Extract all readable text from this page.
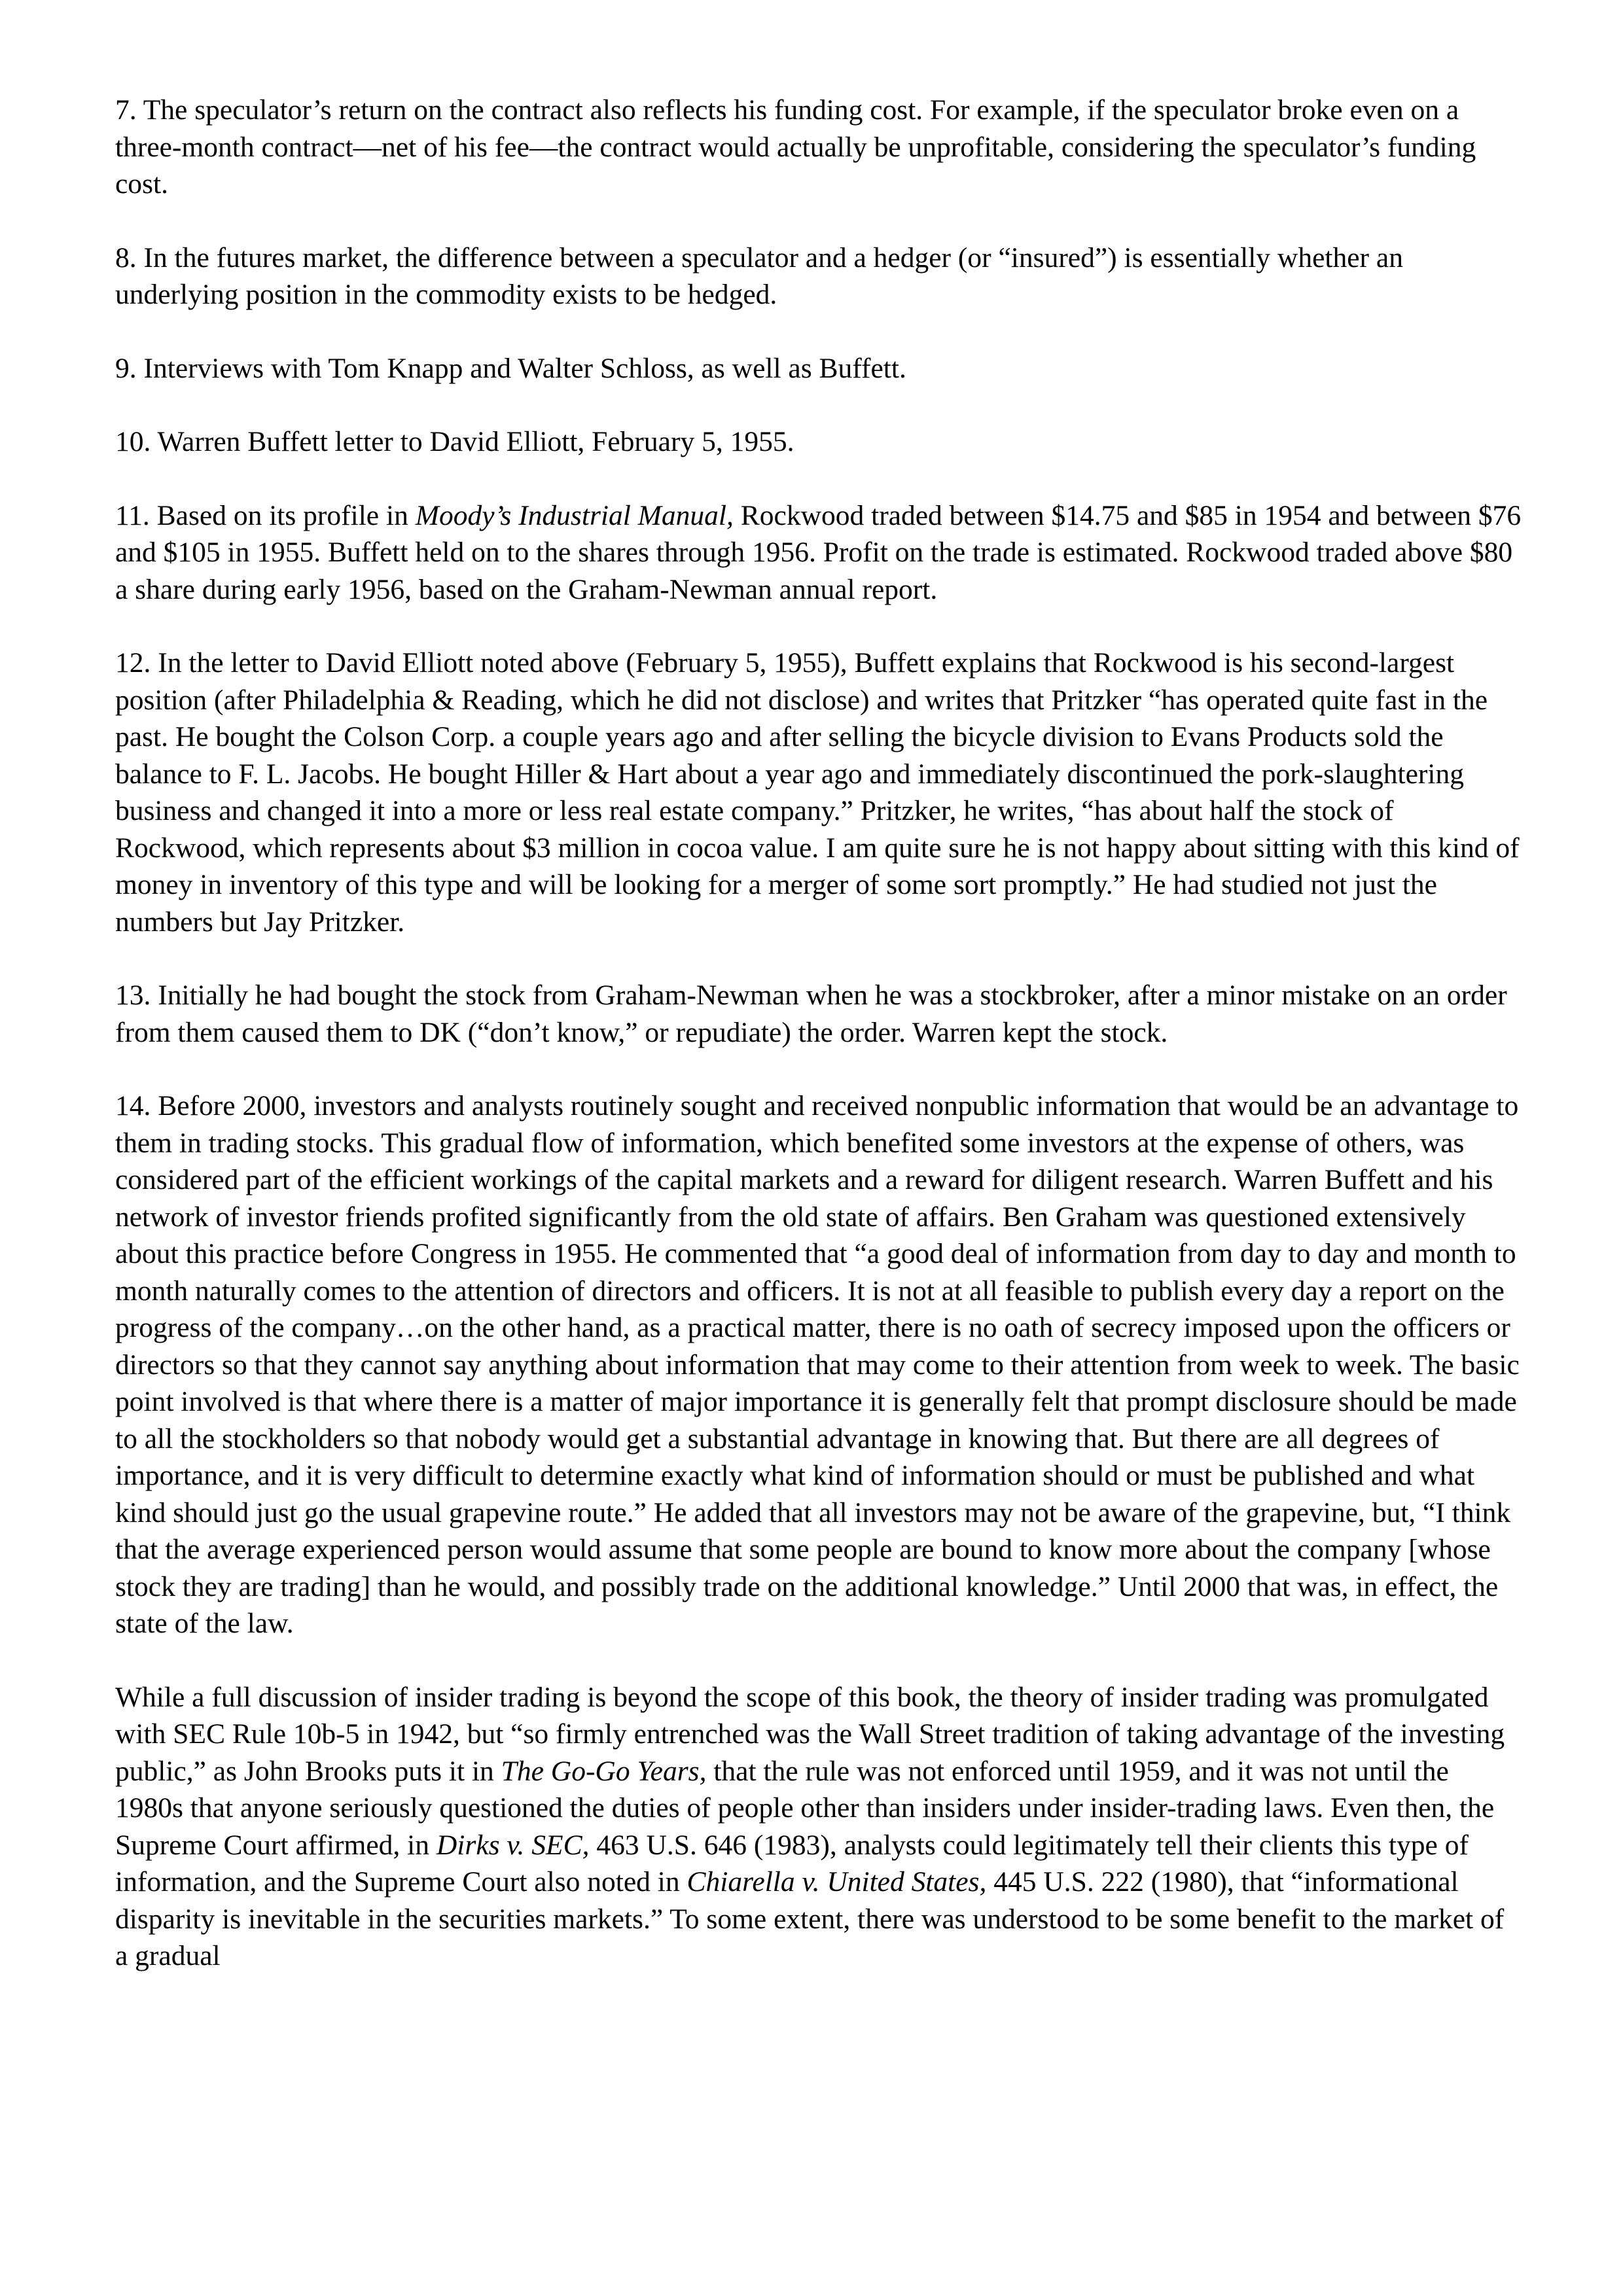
7. The speculator’s return on the contract also reflects his funding cost. For example, if the speculator broke even on a three-month contract—net of his fee—the contract would actually be unprofitable, considering the speculator’s funding cost.

8. In the futures market, the difference between a speculator and a hedger (or “insured”) is essentially whether an underlying position in the commodity exists to be hedged.

9. Interviews with Tom Knapp and Walter Schloss, as well as Buffett.

10. Warren Buffett letter to David Elliott, February 5, 1955.

11. Based on its profile in Moody’s Industrial Manual, Rockwood traded between $14.75 and $85 in 1954 and between $76 and $105 in 1955. Buffett held on to the shares through 1956. Profit on the trade is estimated. Rockwood traded above $80 a share during early 1956, based on the Graham-Newman annual report.

12. In the letter to David Elliott noted above (February 5, 1955), Buffett explains that Rockwood is his second-largest position (after Philadelphia & Reading, which he did not disclose) and writes that Pritzker “has operated quite fast in the past. He bought the Colson Corp. a couple years ago and after selling the bicycle division to Evans Products sold the balance to F. L. Jacobs. He bought Hiller & Hart about a year ago and immediately discontinued the pork-slaughtering business and changed it into a more or less real estate company.” Pritzker, he writes, “has about half the stock of Rockwood, which represents about $3 million in cocoa value. I am quite sure he is not happy about sitting with this kind of money in inventory of this type and will be looking for a merger of some sort promptly.” He had studied not just the numbers but Jay Pritzker.

13. Initially he had bought the stock from Graham-Newman when he was a stockbroker, after a minor mistake on an order from them caused them to DK (“don’t know,” or repudiate) the order. Warren kept the stock.

14. Before 2000, investors and analysts routinely sought and received nonpublic information that would be an advantage to them in trading stocks. This gradual flow of information, which benefited some investors at the expense of others, was considered part of the efficient workings of the capital markets and a reward for diligent research. Warren Buffett and his network of investor friends profited significantly from the old state of affairs. Ben Graham was questioned extensively about this practice before Congress in 1955. He commented that “a good deal of information from day to day and month to month naturally comes to the attention of directors and officers. It is not at all feasible to publish every day a report on the progress of the company…on the other hand, as a practical matter, there is no oath of secrecy imposed upon the officers or directors so that they cannot say anything about information that may come to their attention from week to week. The basic point involved is that where there is a matter of major importance it is generally felt that prompt disclosure should be made to all the stockholders so that nobody would get a substantial advantage in knowing that. But there are all degrees of importance, and it is very difficult to determine exactly what kind of information should or must be published and what kind should just go the usual grapevine route.” He added that all investors may not be aware of the grapevine, but, “I think that the average experienced person would assume that some people are bound to know more about the company [whose stock they are trading] than he would, and possibly trade on the additional knowledge.” Until 2000 that was, in effect, the state of the law.

While a full discussion of insider trading is beyond the scope of this book, the theory of insider trading was promulgated with SEC Rule 10b-5 in 1942, but “so firmly entrenched was the Wall Street tradition of taking advantage of the investing public,” as John Brooks puts it in The Go-Go Years, that the rule was not enforced until 1959, and it was not until the 1980s that anyone seriously questioned the duties of people other than insiders under insider-trading laws. Even then, the Supreme Court affirmed, in Dirks v. SEC, 463 U.S. 646 (1983), analysts could legitimately tell their clients this type of information, and the Supreme Court also noted in Chiarella v. United States, 445 U.S. 222 (1980), that “informational disparity is inevitable in the securities markets.” To some extent, there was understood to be some benefit to the market of a gradual
